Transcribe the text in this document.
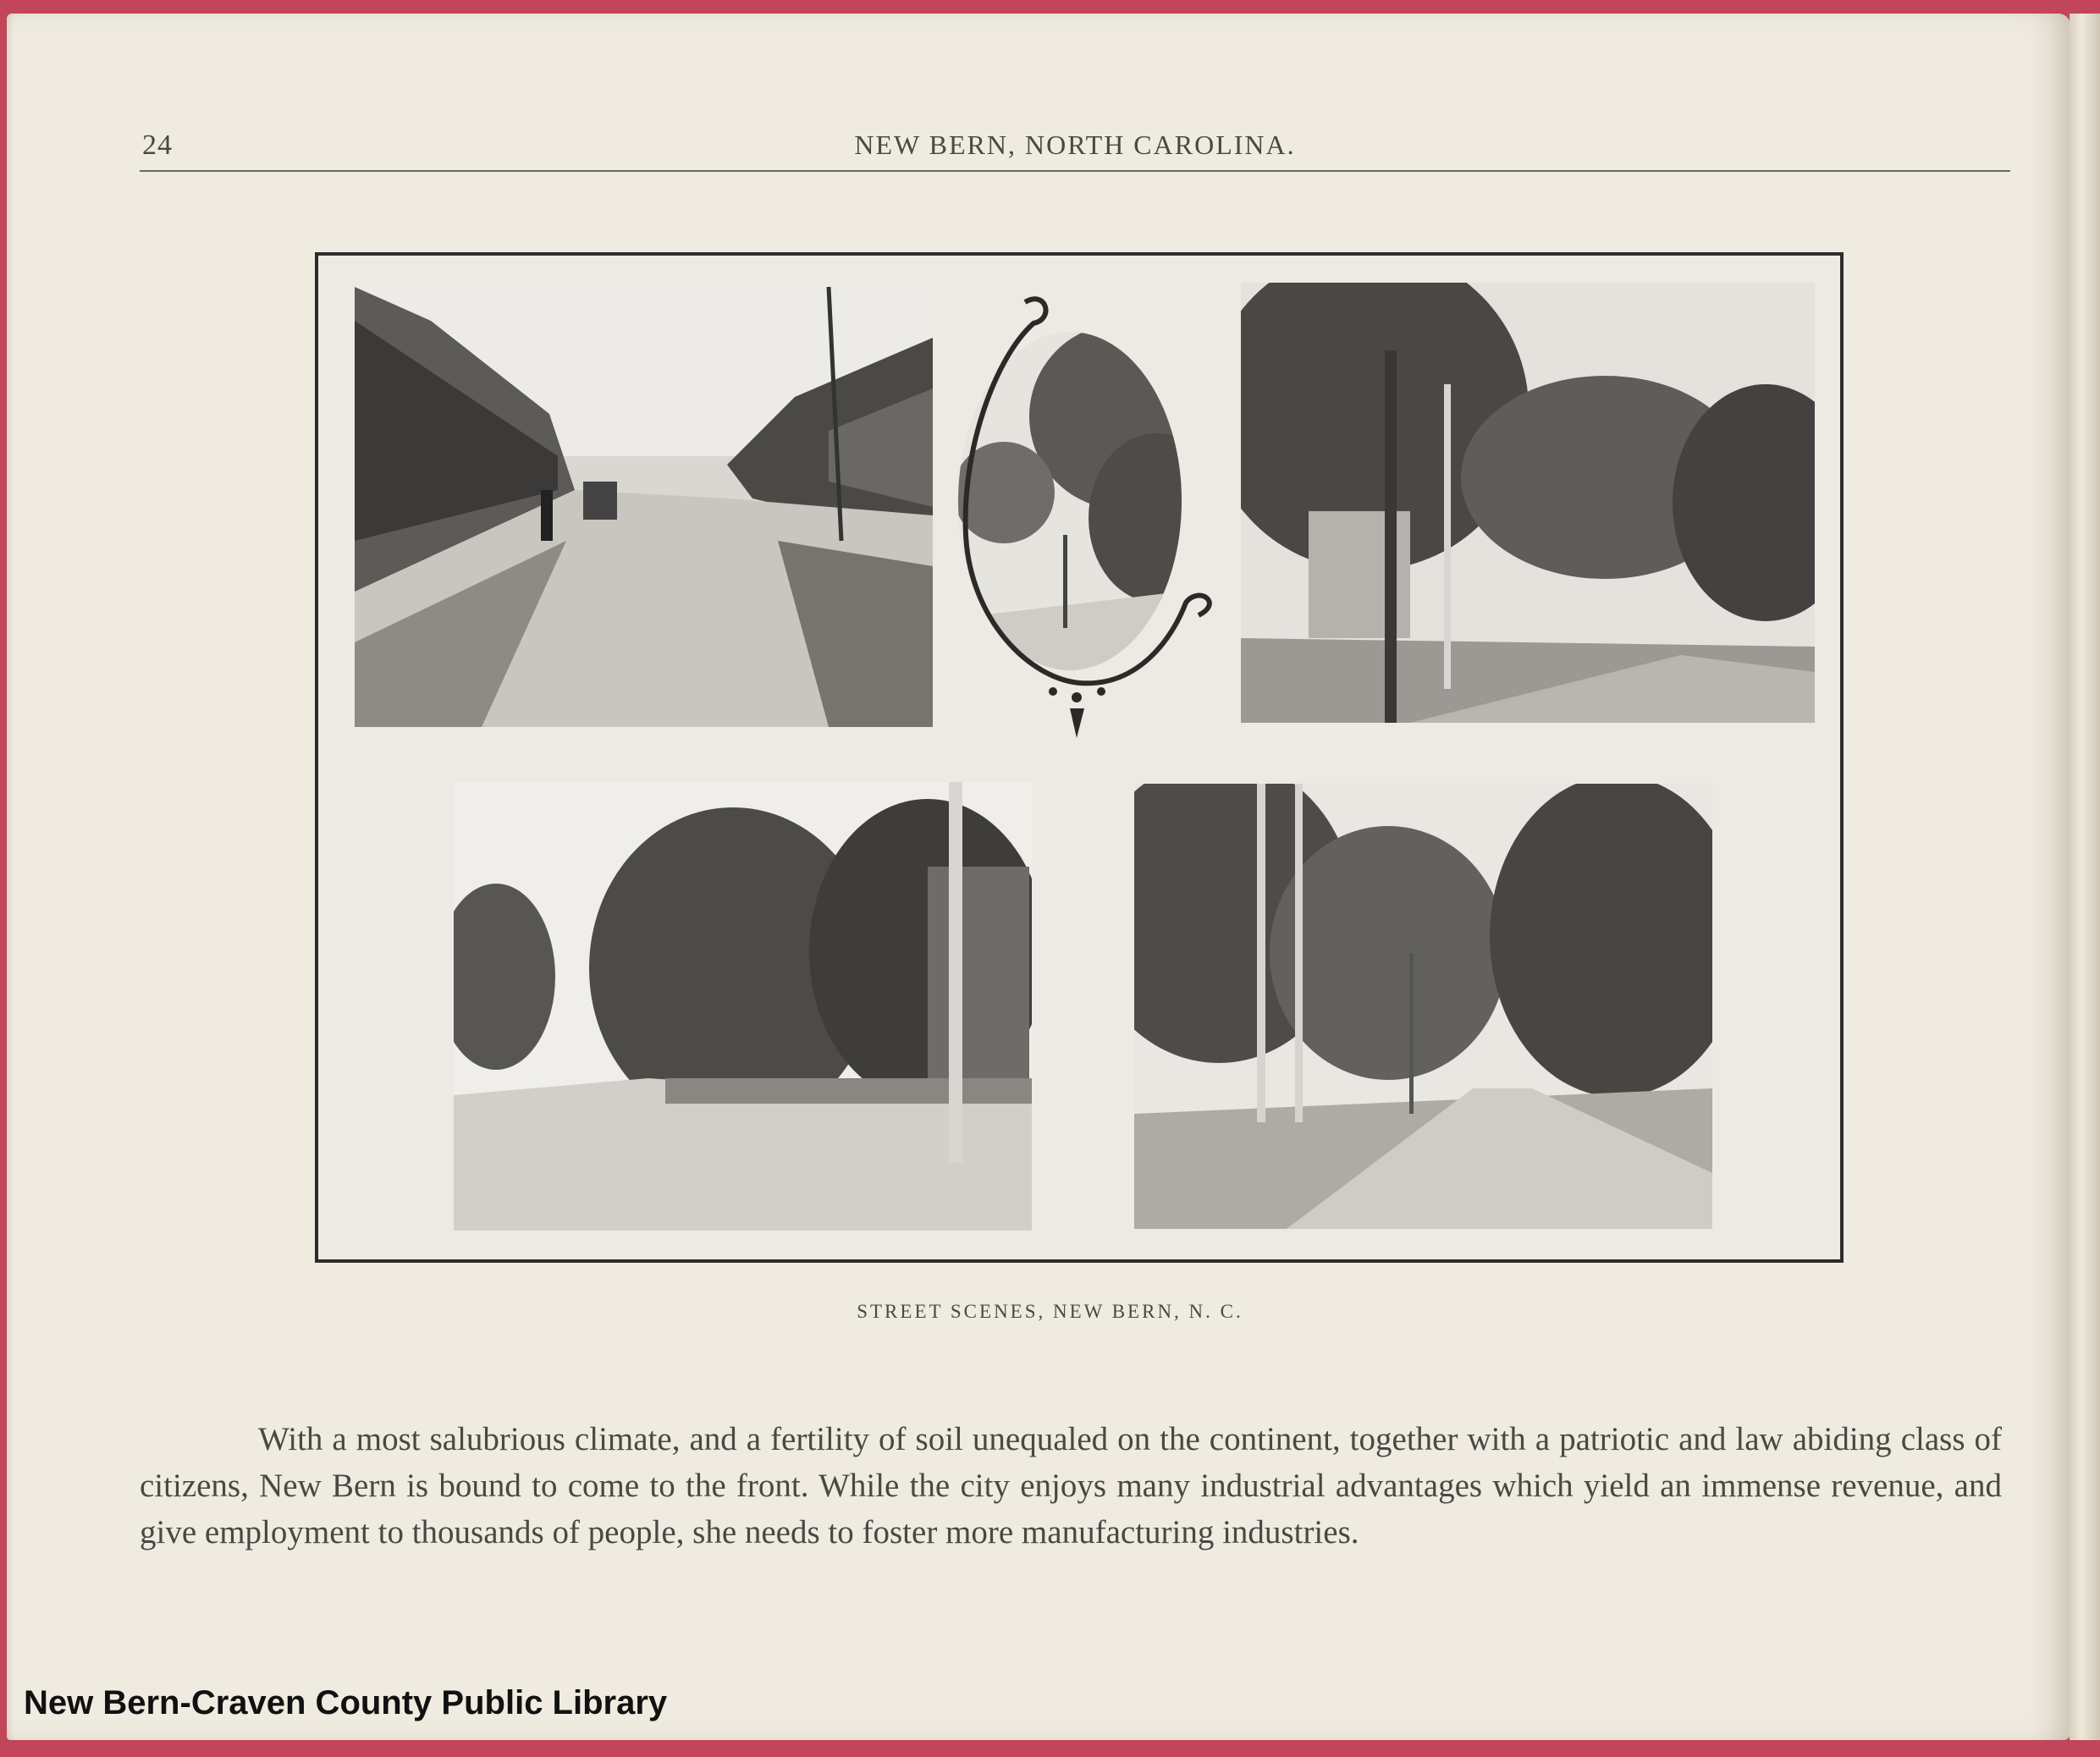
24	NEW BERN, NORTH CAROLINA.
STREET SCENES, NEW BERN, N. C.

With a most salubrious climate, and a fertility of soil unequaled on the continent, together with a patriotic and law abiding class of citizens, New Bern is bound to come to the front. While the city enjoys many industrial advantages which yield an immense revenue, and give employment to thousands of people, she needs to foster more manufacturing industries.

New Bern-Craven County Public Library
